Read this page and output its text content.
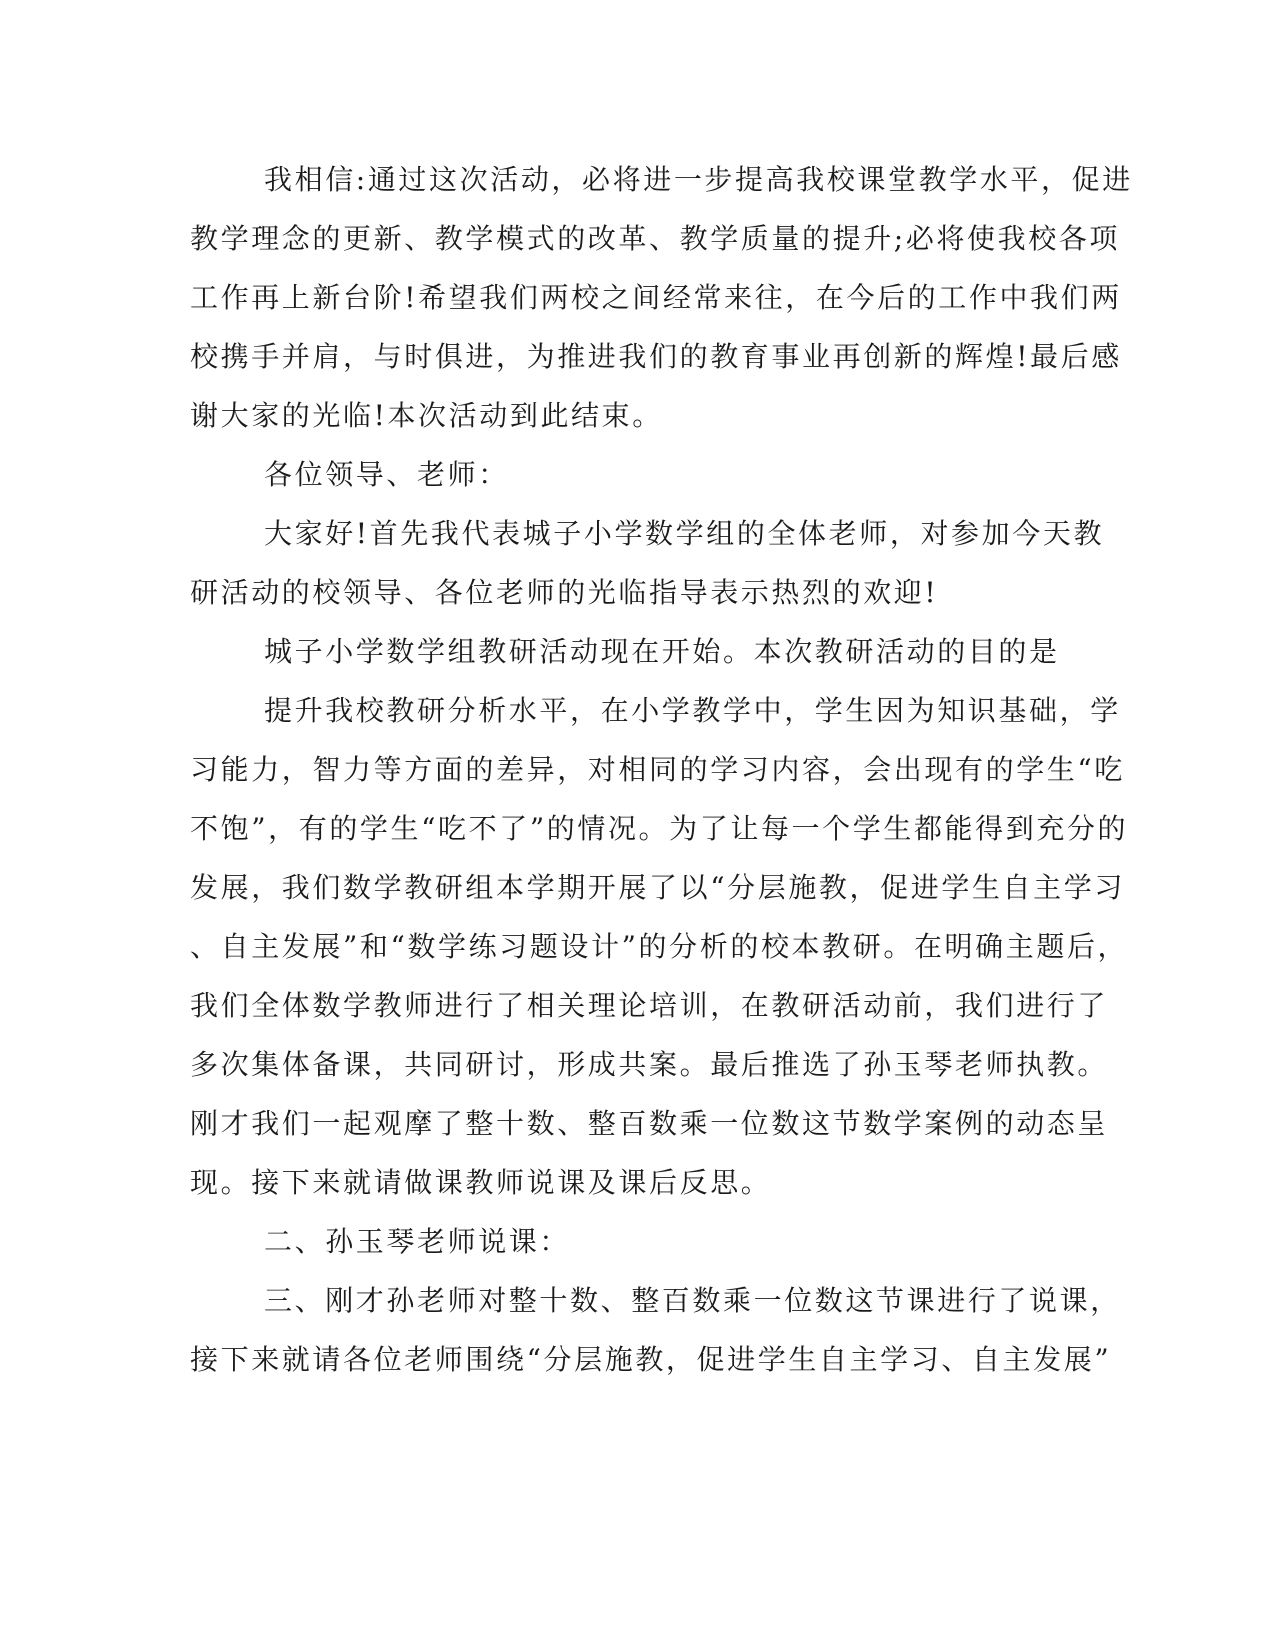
我相信:通过这次活动，必将进一步提高我校课堂教学水平，促进
教学理念的更新、教学模式的改革、教学质量的提升;必将使我校各项
工作再上新台阶!希望我们两校之间经常来往，在今后的工作中我们两
校携手并肩，与时俱进，为推进我们的教育事业再创新的辉煌!最后感
谢大家的光临!本次活动到此结束。
各位领导、老师：
大家好!首先我代表城子小学数学组的全体老师，对参加今天教
研活动的校领导、各位老师的光临指导表示热烈的欢迎!
城子小学数学组教研活动现在开始。本次教研活动的目的是
提升我校教研分析水平，在小学教学中，学生因为知识基础，学
习能力，智力等方面的差异，对相同的学习内容，会出现有的学生“吃
不饱”，有的学生“吃不了”的情况。为了让每一个学生都能得到充分的
发展，我们数学教研组本学期开展了以“分层施教，促进学生自主学习
、自主发展”和“数学练习题设计”的分析的校本教研。在明确主题后，
我们全体数学教师进行了相关理论培训，在教研活动前，我们进行了
多次集体备课，共同研讨，形成共案。最后推选了孙玉琴老师执教。
刚才我们一起观摩了整十数、整百数乘一位数这节数学案例的动态呈
现。接下来就请做课教师说课及课后反思。
二、孙玉琴老师说课：
三、刚才孙老师对整十数、整百数乘一位数这节课进行了说课，
接下来就请各位老师围绕“分层施教，促进学生自主学习、自主发展”
